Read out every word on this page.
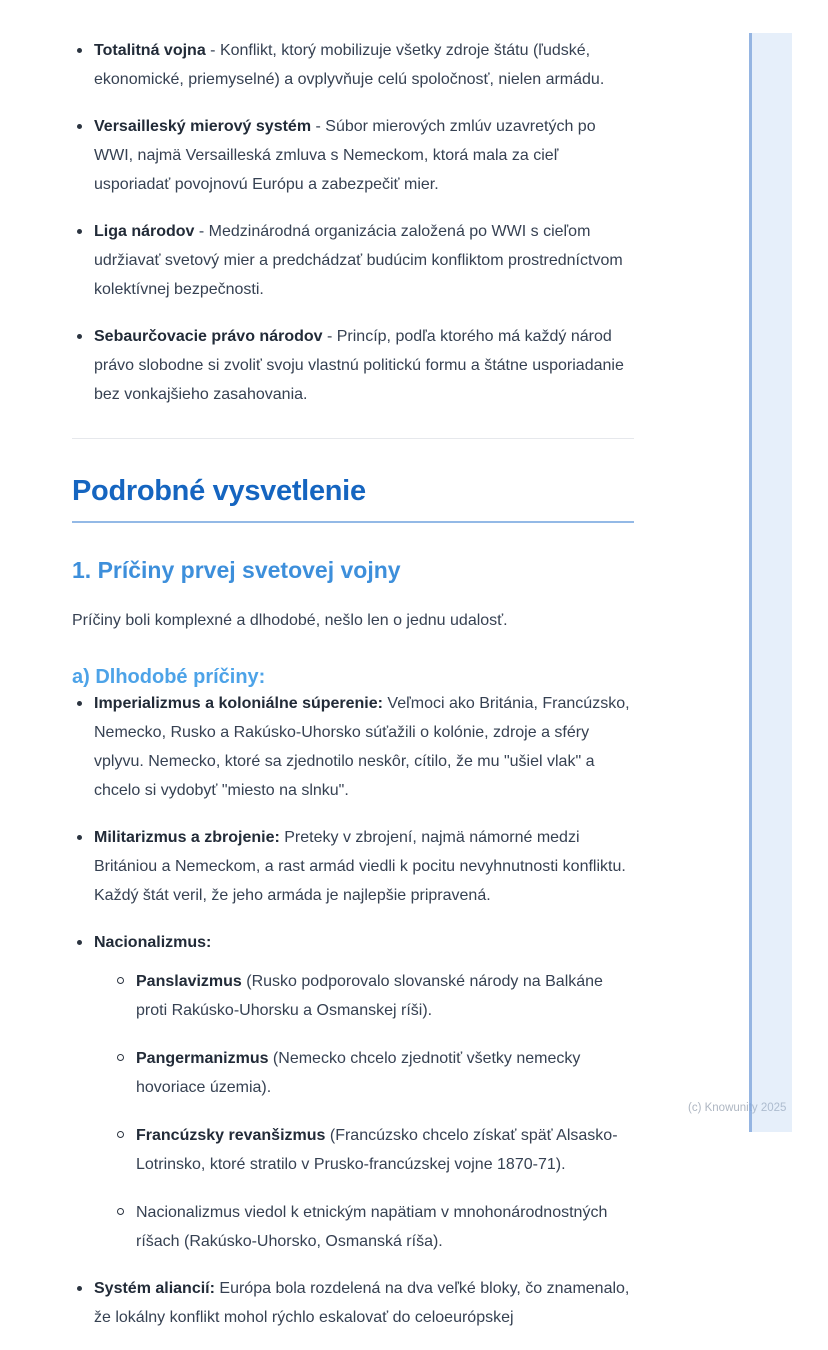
Totalitná vojna - Konflikt, ktorý mobilizuje všetky zdroje štátu (ľudské, ekonomické, priemyselné) a ovplyvňuje celú spoločnosť, nielen armádu.
Versailleský mierový systém - Súbor mierových zmlúv uzavretých po WWI, najmä Versailleská zmluva s Nemeckom, ktorá mala za cieľ usporiadať povojnovú Európu a zabezpečiť mier.
Liga národov - Medzinárodná organizácia založená po WWI s cieľom udržiavať svetový mier a predchádzať budúcim konfliktom prostredníctvom kolektívnej bezpečnosti.
Sebaurčovacie právo národov - Princíp, podľa ktorého má každý národ právo slobodne si zvoliť svoju vlastnú politickú formu a štátne usporiadanie bez vonkajšieho zasahovania.
Podrobné vysvetlenie
1. Príčiny prvej svetovej vojny

Príčiny boli komplexné a dlhodobé, nešlo len o jednu udalosť.

a) Dlhodobé príčiny:
Imperializmus a koloniálne súperenie: Veľmoci ako Británia, Francúzsko, Nemecko, Rusko a Rakúsko-Uhorsko súťažili o kolónie, zdroje a sféry vplyvu. Nemecko, ktoré sa zjednotilo neskôr, cítilo, že mu "ušiel vlak" a chcelo si vydobyť "miesto na slnku".
Militarizmus a zbrojenie: Preteky v zbrojení, najmä námorné medzi Britániou a Nemeckom, a rast armád viedli k pocitu nevyhnutnosti konfliktu. Každý štát veril, že jeho armáda je najlepšie pripravená.
Nacionalizmus:
Panslavizmus (Rusko podporovalo slovanské národy na Balkáne proti Rakúsko-Uhorsku a Osmanskej ríši).
Pangermanizmus (Nemecko chcelo zjednotiť všetky nemecky hovoriace územia).
Francúzsky revanšizmus (Francúzsko chcelo získať späť Alsasko-Lotrinsko, ktoré stratilo v Prusko-francúzskej vojne 1870-71).
Nacionalizmus viedol k etnickým napätiam v mnohonárodnostných ríšach (Rakúsko-Uhorsko, Osmanská ríša).
Systém aliancií: Európa bola rozdelená na dva veľké bloky, čo znamenalo, že lokálny konflikt mohol rýchlo eskalovať do celoeurópskej
(c) Knowunity 2025
